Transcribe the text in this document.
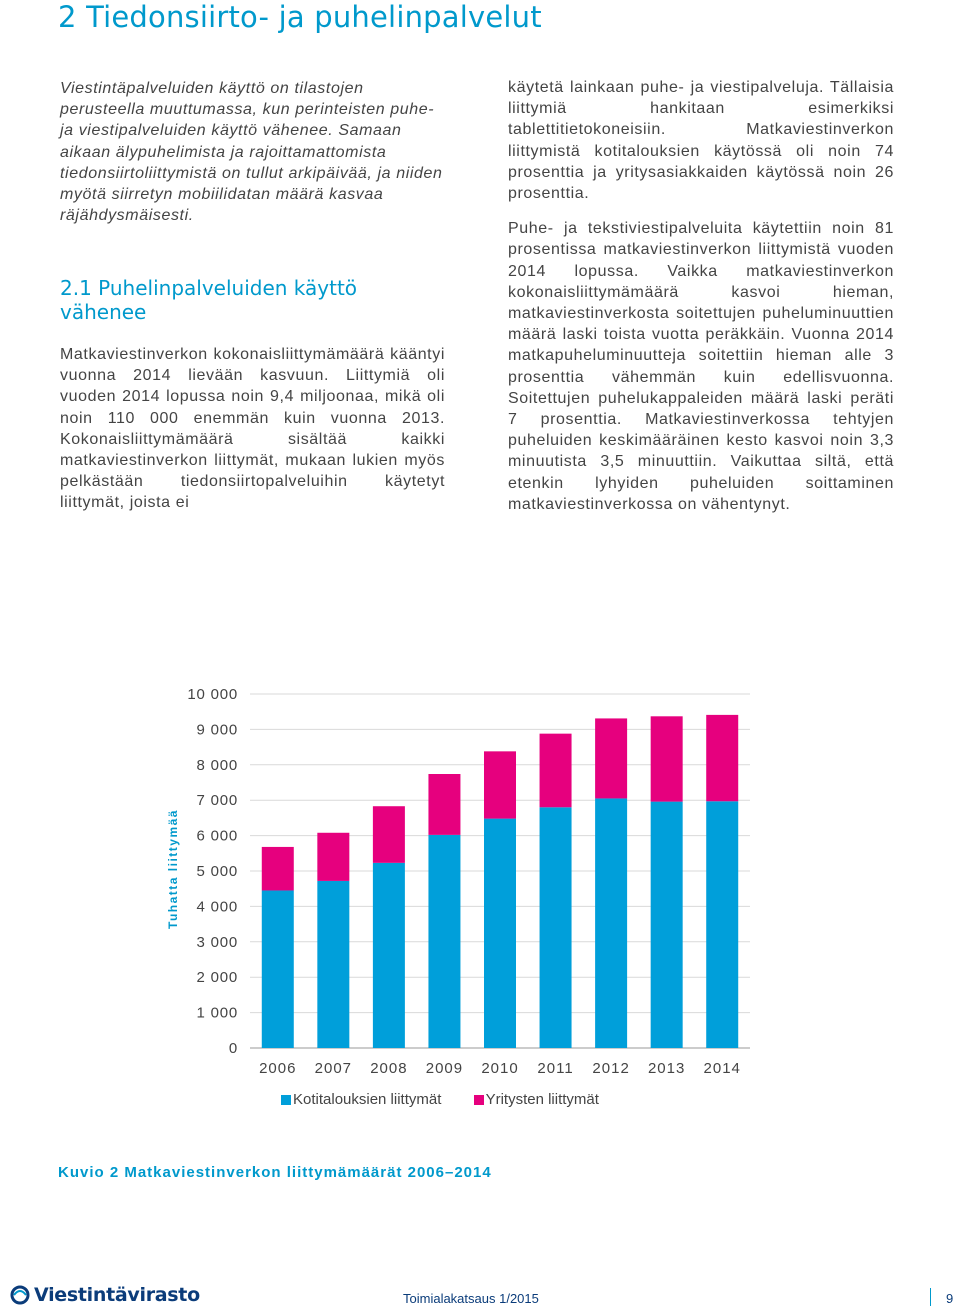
2 Tiedonsiirto- ja puhelinpalvelut
Viestintäpalveluiden käyttö on tilastojen perusteella muuttumassa, kun perinteisten puhe- ja viestipalveluiden käyttö vähenee. Samaan aikaan älypuhelimista ja rajoittamattomista tiedonsiirtoliittymistä on tullut arkipäivää, ja niiden myötä siirretyn mobiilidatan määrä kasvaa räjähdysmäisesti.
2.1 Puhelinpalveluiden käyttö vähenee
Matkaviestinverkon kokonaisliittymämäärä kääntyi vuonna 2014 lievään kasvuun. Liittymiä oli vuoden 2014 lopussa noin 9,4 miljoonaa, mikä oli noin 110 000 enemmän kuin vuonna 2013. Kokonaisliittymämäärä sisältää kaikki matkaviestinverkon liittymät, mukaan lukien myös pelkästään tiedonsiirtopalveluihin käytetyt liittymät, joista ei

käytetä lainkaan puhe- ja viestipalveluja. Tällaisia liittymiä hankitaan esimerkiksi tablettitietokoneisiin. Matkaviestinverkon liittymistä kotitalouksien käytössä oli noin 74 prosenttia ja yritysasiakkaiden käytössä noin 26 prosenttia.

Puhe- ja tekstiviestipalveluita käytettiin noin 81 prosentissa matkaviestinverkon liittymistä vuoden 2014 lopussa. Vaikka matkaviestinverkon kokonaisliittymämäärä kasvoi hieman, matkaviestinverkosta soitettujen puheluminuuttien määrä laski toista vuotta peräkkäin. Vuonna 2014 matkapuheluminuutteja soitettiin hieman alle 3 prosenttia vähemmän kuin edellisvuonna. Soitettujen puhelukappaleiden määrä laski peräti 7 prosenttia. Matkaviestinverkossa tehtyjen puheluiden keskimääräinen kesto kasvoi noin 3,3 minuutista 3,5 minuuttiin. Vaikuttaa siltä, että etenkin lyhyiden puheluiden soittaminen matkaviestinverkossa on vähentynyt.

0
1 000
2 000
3 000
4 000
5 000
6 000
7 000
8 000
9 000
10 000
2006 2007 2008 2009 2010 2011 2012 2013 2014
Tuhatta liittymää
Kotitalouksien liittymät
	Yritysten liittymät
Kuvio 2 Matkaviestinverkon liittymämäärät 2006–2014
Viestintävirasto	Toimialakatsaus 1/2015	9
